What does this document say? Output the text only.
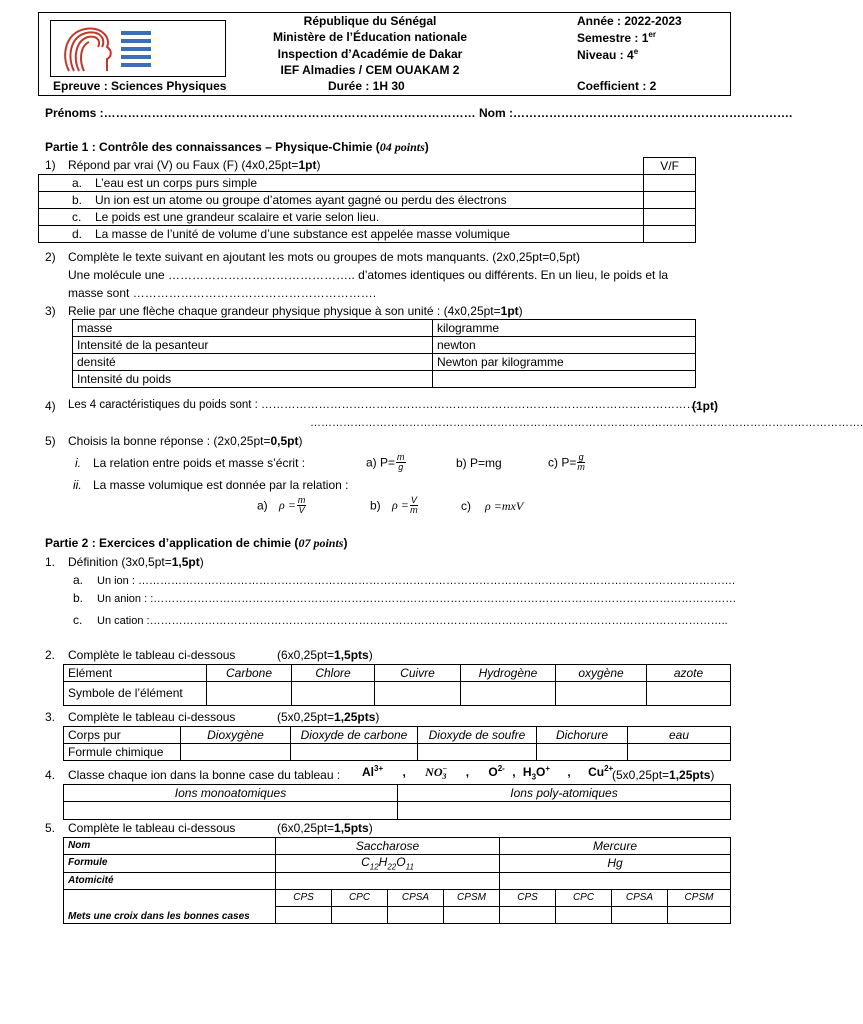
République du Sénégal
Ministère de l’Éducation nationale
Inspection d’Académie de Dakar
IEF Almadies / CEM OUAKAM 2
Durée : 1H 30
Epreuve : Sciences Physiques
Année : 2022-2023
Semestre : 1er
Niveau : 4e
Coefficient : 2
Prénoms :………………………………………………………………………………… Nom :…………………………………………………………….
Partie 1 : Contrôle des connaissances – Physique-Chimie (04 points)
1) Répond par vrai (V) ou Faux (F) (4x0,25pt=1pt)
		V/F
a. L’eau est un corps purs simple	
b. Un ion est un atome ou groupe d’atomes ayant gagné ou perdu des électrons	
c. Le poids est une grandeur scalaire et varie selon lieu.	
d. La masse de l’unité de volume d’une substance est appelée masse volumique	
2) Complète le texte suivant en ajoutant les mots ou groupes de mots manquants. (2x0,25pt=0,5pt)
Une molécule une ……………………………………….. d’atomes identiques ou différents. En un lieu, le poids et la
masse sont …………………………………………………….
3) Relie par une flèche chaque grandeur physique physique à son unité : (4x0,25pt=1pt)
masse	kilogramme
Intensité de la pesanteur	newton
densité	Newton par kilogramme
Intensité du poids	
4) Les 4 caractéristiques du poids sont : ……………………………………………………………………………………………………
(1pt)
…………………………………………………………………………………………………………………………………….
5) Choisis la bonne réponse : (2x0,25pt=0,5pt)
i. La relation entre poids et masse s’écrit :	a) $P= \frac{m}{g}$	b) P=mg	c) $P= \frac{g}{m}$
ii. La masse volumique est donnée par la relation :
a) $\rho = \frac{m}{V}$	b) $\rho = \frac{V}{m}$	c) ρ =mxV
Partie 2 : Exercices d’application de chimie (07 points)
1. Définition (3x0,5pt=1,5pt)
a. Un ion : ……………………………………………………………………………………………………………………………………………….
b. Un anion : :……………………………………………………………………………………………………………………………………………
c. Un cation :…………………………………………………………………………………………………………………………………………..
2. Complète le tableau ci-dessous	(6x0,25pt=1,5pts)
Elément	Carbone	Chlore	Cuivre	Hydrogène	oxygène	azote
Symbole de l’élément						
3. Complète le tableau ci-dessous	(5x0,25pt=1,25pts)
Corps pur	Dioxygène	Dioxyde de carbone	Dioxyde de soufre	Dichorure	eau
Formule chimique					
4. Classe chaque ion dans la bonne case du tableau : $Al^{3+}$ , $NO^-_3$ , $O^{2-}$ , $H_3O^+$ , $Cu^{2+}$
(5x0,25pt=1,25pts)
Ions monoatomiques	Ions poly-atomiques

5. Complète le tableau ci-dessous	(6x0,25pt=1,5pts)
Nom	Saccharose				Mercure			
Formule	$C_{12}H_{22}O_{11}$				Hg			
Atomicité								
Mets une croix dans les bonnes cases	CPS	CPC	CPSA	CPSM	CPS	CPC	CPSA	CPSM
